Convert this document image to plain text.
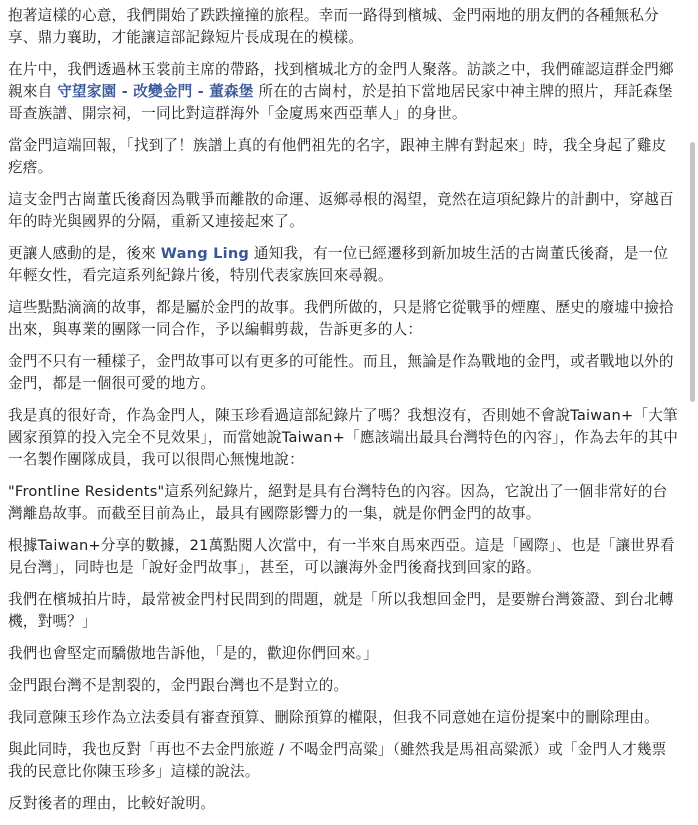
抱著這樣的心意，我們開始了跌跌撞撞的旅程。幸而一路得到檳城、金門兩地的朋友們的各種無私分享、鼎力襄助，才能讓這部記錄短片長成現在的模樣。

在片中，我們透過林玉裳前主席的帶路，找到檳城北方的金門人聚落。訪談之中，我們確認這群金門鄉親來自 守望家園 - 改變金門 - 董森堡 所在的古崗村，於是拍下當地居民家中神主牌的照片，拜託森堡哥查族譜、開宗祠，一同比對這群海外「金廈馬來西亞華人」的身世。

當金門這端回報，「找到了！族譜上真的有他們祖先的名字，跟神主牌有對起來」時，我全身起了雞皮疙瘩。

這支金門古崗董氏後裔因為戰爭而離散的命運、返鄉尋根的渴望，竟然在這項紀錄片的計劃中，穿越百年的時光與國界的分隔，重新又連接起來了。

更讓人感動的是，後來 Wang Ling 通知我，有一位已經遷移到新加坡生活的古崗董氏後裔，是一位年輕女性，看完這系列紀錄片後，特別代表家族回來尋親。

這些點點滴滴的故事，都是屬於金門的故事。我們所做的，只是將它從戰爭的煙塵、歷史的廢墟中撿拾出來，與專業的團隊一同合作，予以編輯剪裁，告訴更多的人：

金門不只有一種樣子，金門故事可以有更多的可能性。而且，無論是作為戰地的金門，或者戰地以外的金門，都是一個很可愛的地方。

我是真的很好奇，作為金門人，陳玉珍看過這部紀錄片了嗎？我想沒有，否則她不會說Taiwan+「大筆國家預算的投入完全不見效果」，而當她說Taiwan+「應該端出最具台灣特色的內容」，作為去年的其中一名製作團隊成員，我可以很問心無愧地說：

"Frontline Residents"這系列紀錄片，絕對是具有台灣特色的內容。因為，它說出了一個非常好的台灣離島故事。而截至目前為止，最具有國際影響力的一集，就是你們金門的故事。

根據Taiwan+分享的數據，21萬點閱人次當中，有一半來自馬來西亞。這是「國際」、也是「讓世界看見台灣」，同時也是「說好金門故事」，甚至，可以讓海外金門後裔找到回家的路。

我們在檳城拍片時，最常被金門村民問到的問題，就是「所以我想回金門，是要辦台灣簽證、到台北轉機，對嗎？」

我們也會堅定而驕傲地告訴他，「是的，歡迎你們回來。」

金門跟台灣不是割裂的，金門跟台灣也不是對立的。

我同意陳玉珍作為立法委員有審查預算、刪除預算的權限，但我不同意她在這份提案中的刪除理由。

與此同時，我也反對「再也不去金門旅遊 / 不喝金門高粱」（雖然我是馬祖高粱派）或「金門人才幾票我的民意比你陳玉珍多」這樣的說法。

反對後者的理由，比較好說明。
